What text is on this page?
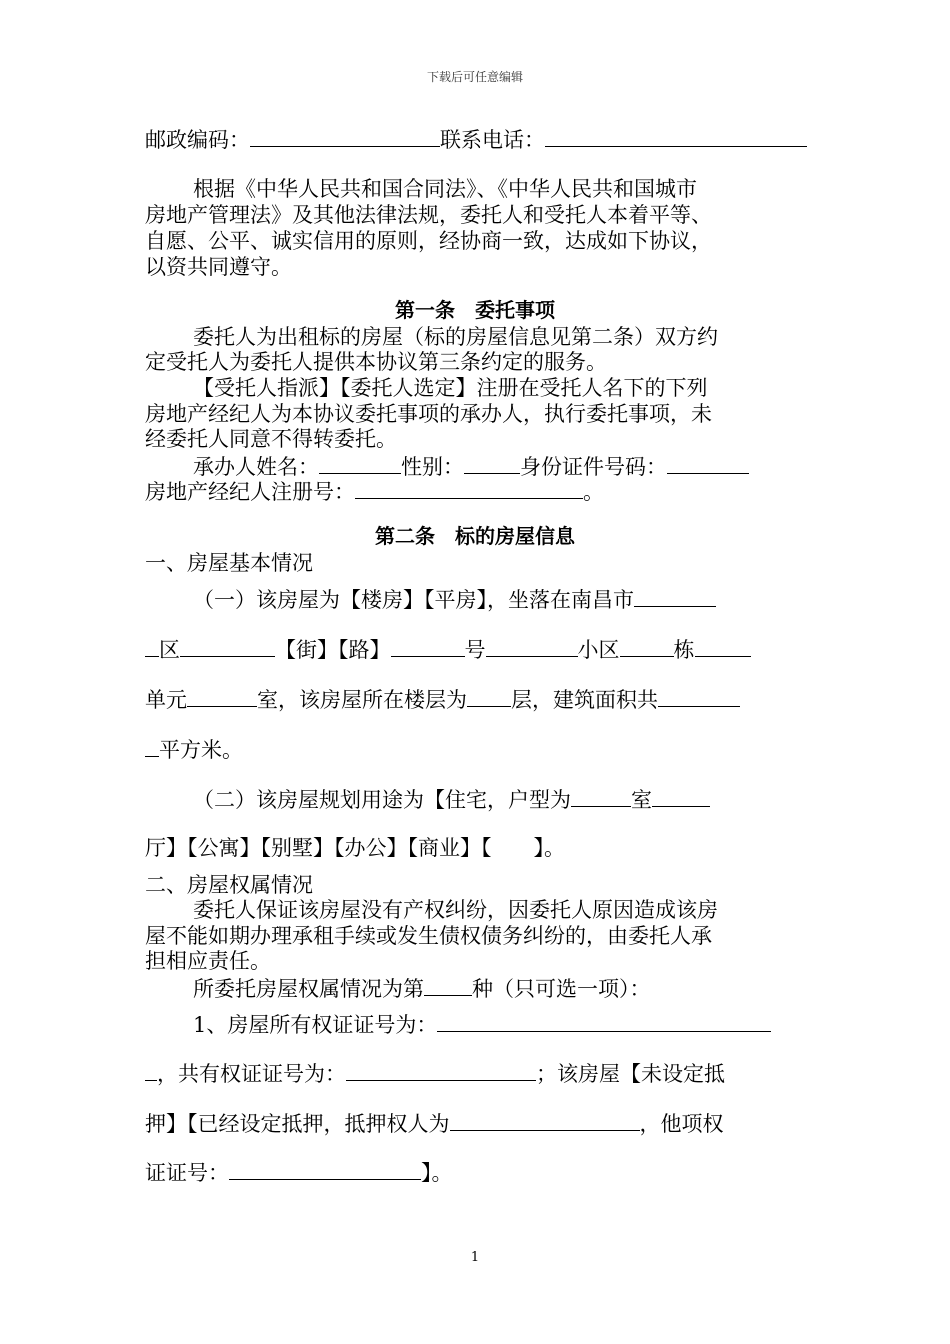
下载后可任意编辑
邮政编码：	联系电话：
根据《中华人民共和国合同法》、《中华人民共和国城市
房地产管理法》及其他法律法规，委托人和受托人本着平等、
自愿、公平、诚实信用的原则，经协商一致，达成如下协议，
以资共同遵守。
第一条　委托事项
委托人为出租标的房屋（标的房屋信息见第二条）双方约
定受托人为委托人提供本协议第三条约定的服务。
【受托人指派】【委托人选定】注册在受托人名下的下列
房地产经纪人为本协议委托事项的承办人，执行委托事项，未
经委托人同意不得转委托。
承办人姓名：	性别：	身份证件号码：
房地产经纪人注册号：	。
第二条　标的房屋信息
一、房屋基本情况
（一）该房屋为【楼房】【平房】，坐落在南昌市
区	【街】【路】	号	小区	栋
单元	室，该房屋所在楼层为 层，建筑面积共
平方米。
（二）该房屋规划用途为【住宅，户型为	室
厅】【公寓】【别墅】【办公】【商业】【　　】。
二、房屋权属情况
委托人保证该房屋没有产权纠纷，因委托人原因造成该房
屋不能如期办理承租手续或发生债权债务纠纷的，由委托人承
担相应责任。
所委托房屋权属情况为第 种（只可选一项）：
1、房屋所有权证证号为：
，共有权证证号为：	；该房屋【未设定抵
押】【已经设定抵押，抵押权人为	，他项权
证证号：	】。
1
